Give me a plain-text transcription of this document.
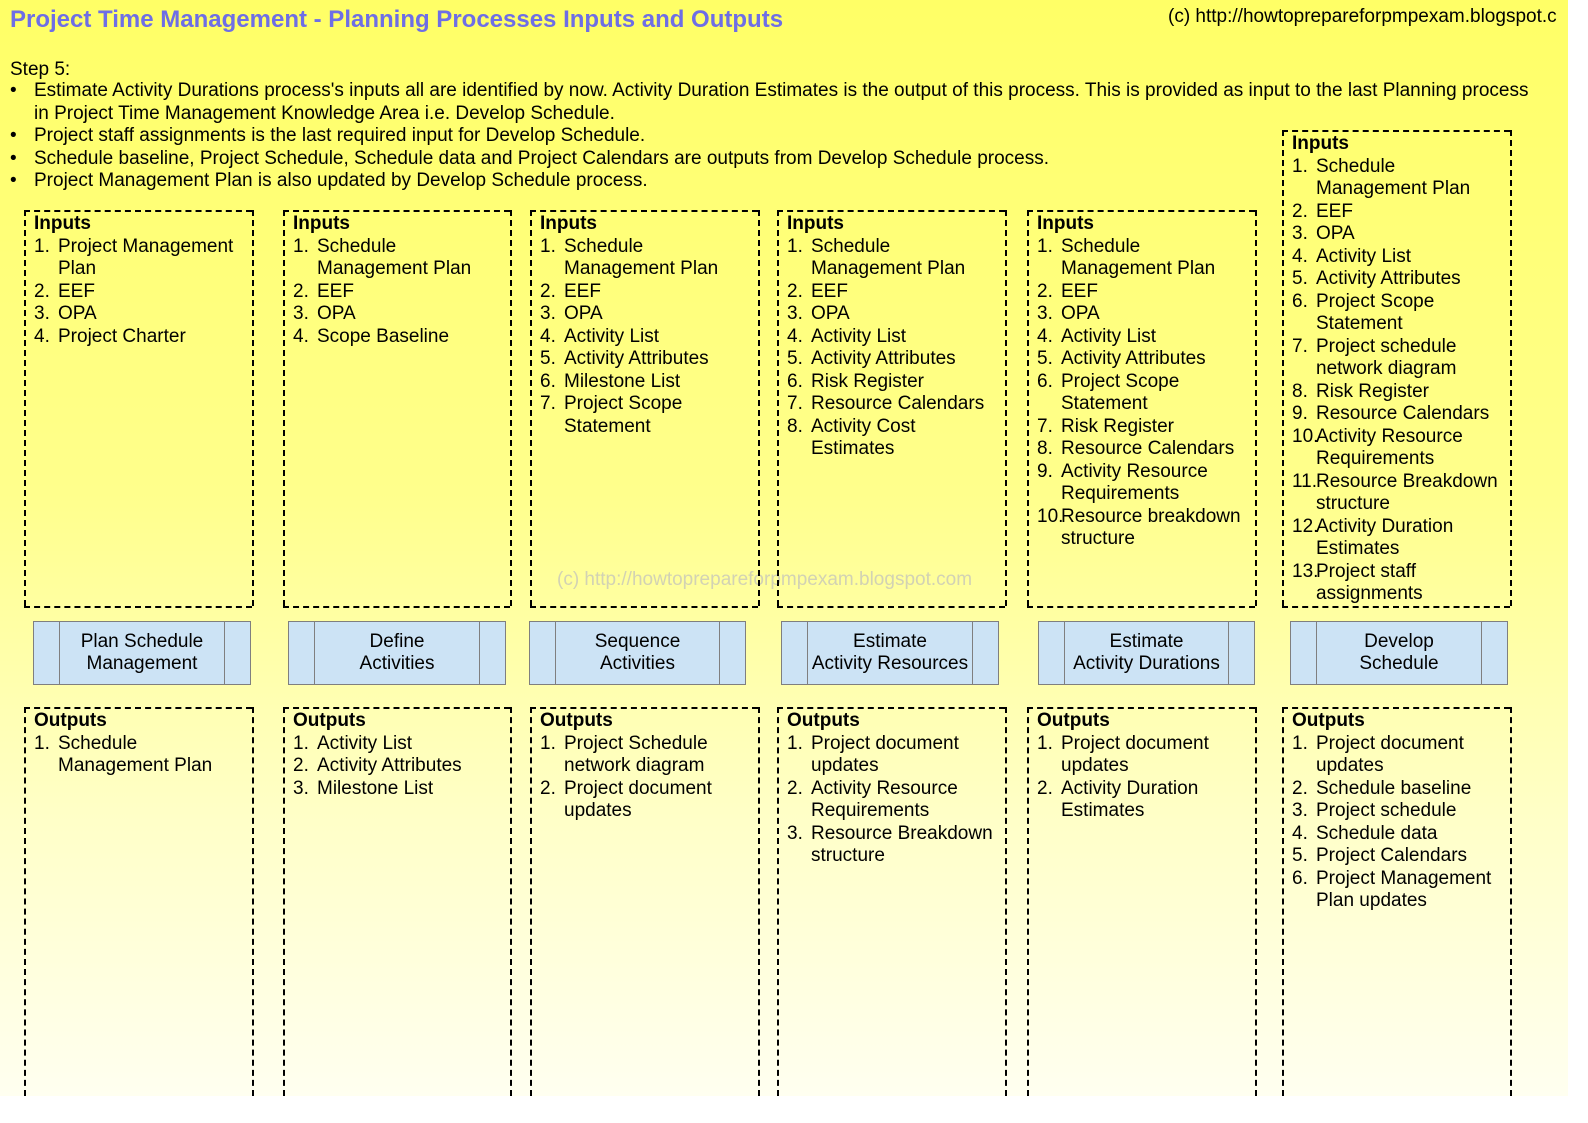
Project Time Management - Planning Processes Inputs and Outputs	(c) http://howtopreparefor​pmpexam.blogspot.c
Step 5:
• Estimate Activity Durations process's inputs all are identified by now. Activity Duration Estimates is the output of this process. This is provided as input to the last Planning process in Project Time Management Knowledge Area i.e. Develop Schedule.
• Project staff assignments is the last required input for Develop Schedule.
• Schedule baseline, Project Schedule, Schedule data and Project Calendars are outputs from Develop Schedule process.
• Project Management Plan is also updated by Develop Schedule process.
(c) http://howtopreparefor​pmpexam.blogspot.com
Inputs
1. Project Management Plan
2. EEF
3. OPA
4. Project Charter
Plan Schedule
Management
Outputs
1. Schedule Management Plan
Inputs
1. Schedule Management Plan
2. EEF
3. OPA
4. Scope Baseline
Define
Activities
Outputs
1. Activity List
2. Activity Attributes
3. Milestone List
Inputs
1. Schedule Management Plan
2. EEF
3. OPA
4. Activity List
5. Activity Attributes
6. Milestone List
7. Project Scope Statement
Sequence
Activities
Outputs
1. Project Schedule network diagram
2. Project document updates
Inputs
1. Schedule Management Plan
2. EEF
3. OPA
4. Activity List
5. Activity Attributes
6. Risk Register
7. Resource Calendars
8. Activity Cost Estimates
Estimate
Activity Resources
Outputs
1. Project document updates
2. Activity Resource Requirements
3. Resource Breakdown structure
Inputs
1. Schedule Management Plan
2. EEF
3. OPA
4. Activity List
5. Activity Attributes
6. Project Scope Statement
7. Risk Register
8. Resource Calendars
9. Activity Resource Requirements
10.
Resource breakdown structure
Estimate
Activity Durations
Outputs
1. Project document updates
2. Activity Duration Estimates
Inputs
1. Schedule Management Plan
2. EEF
3. OPA
4. Activity List
5. Activity Attributes
6. Project Scope Statement
7. Project schedule network diagram
8. Risk Register
9. Resource Calendars
10.
Activity Resource Requirements
11.
Resource Breakdown structure
12.
Activity Duration Estimates
13.
Project staff assignments
Develop
Schedule
Outputs
1. Project document updates
2. Schedule baseline
3. Project schedule
4. Schedule data
5. Project Calendars
6. Project Management Plan updates
